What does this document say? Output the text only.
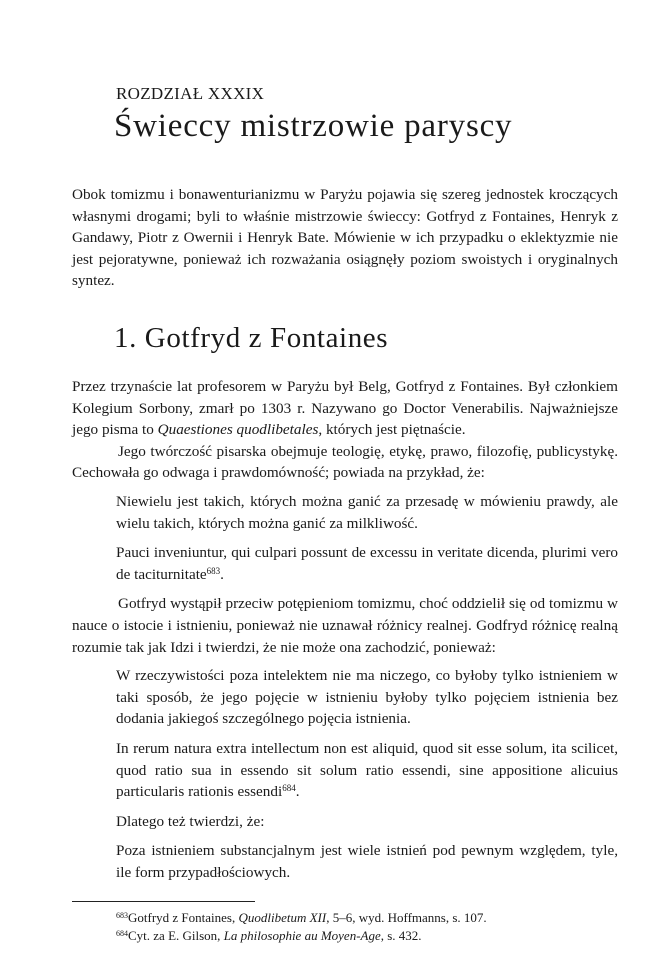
ROZDZIAŁ XXXIX
Świeccy mistrzowie paryscy

Obok tomizmu i bonawenturianizmu w Paryżu pojawia się szereg jednostek kroczących własnymi drogami; byli to właśnie mistrzowie świeccy: Gotfryd z Fontaines, Henryk z Gandawy, Piotr z Owernii i Henryk Bate. Mówienie w ich przypadku o eklektyzmie nie jest pejoratywne, ponieważ ich rozważania osiągnęły poziom swoistych i oryginalnych syntez.

1. Gotfryd z Fontaines

Przez trzynaście lat profesorem w Paryżu był Belg, Gotfryd z Fontaines. Był członkiem Kolegium Sorbony, zmarł po 1303 r. Nazywano go Doctor Venerabilis. Najważniejsze jego pisma to Quaestiones quodlibetales, których jest piętnaście.

Jego twórczość pisarska obejmuje teologię, etykę, prawo, filozofię, publicystykę. Cechowała go odwaga i prawdomówność; powiada na przykład, że:

Niewielu jest takich, których można ganić za przesadę w mówieniu prawdy, ale wielu takich, których można ganić za milkliwość.

Pauci inveniuntur, qui culpari possunt de excessu in veritate dicenda, plurimi vero de taciturnitate$^{683}$.

Gotfryd wystąpił przeciw potępieniom tomizmu, choć oddzielił się od tomizmu w nauce o istocie i istnieniu, ponieważ nie uznawał różnicy realnej. Godfryd różnicę realną rozumie tak jak Idzi i twierdzi, że nie może ona zachodzić, ponieważ:

W rzeczywistości poza intelektem nie ma niczego, co byłoby tylko istnieniem w taki sposób, że jego pojęcie w istnieniu byłoby tylko pojęciem istnienia bez dodania jakiegoś szczególnego pojęcia istnienia.

In rerum natura extra intellectum non est aliquid, quod sit esse solum, ita scilicet, quod ratio sua in essendo sit solum ratio essendi, sine appositione alicuius particularis rationis essendi$^{684}$.

Dlatego też twierdzi, że:

Poza istnieniem substancjalnym jest wiele istnień pod pewnym względem, tyle, ile form przypadłościowych.

$^{683}$Gotfryd z Fontaines, Quodlibetum XII, 5–6, wyd. Hoffmanns, s. 107.
$^{684}$Cyt. za E. Gilson, La philosophie au Moyen-Age, s. 432.
